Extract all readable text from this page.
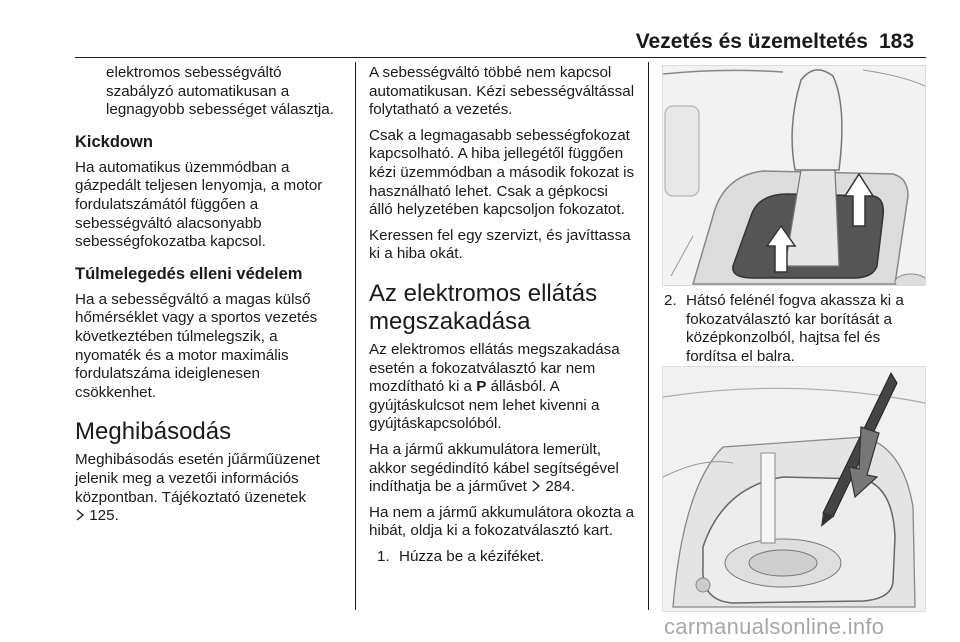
Vezetés és üzemeltetés 183

elektromos sebességváltó szabályzó automatikusan a legnagyobb sebességet választja.

Kickdown

Ha automatikus üzemmódban a gázpedált teljesen lenyomja, a motor fordulatszámától függően a sebességváltó alacsonyabb sebességfokozatba kapcsol.

Túlmelegedés elleni védelem

Ha a sebességváltó a magas külső hőmérséklet vagy a sportos vezetés következtében túlmelegszik, a nyomaték és a motor maximális fordulatszáma ideiglenesen csökkenhet.

Meghibásodás

Meghibásodás esetén jűárműüzenet jelenik meg a vezetői információs központban. Tájékoztató üzenetek
125.

A sebességváltó többé nem kapcsol automatikusan. Kézi sebességváltással folytatható a vezetés.

Csak a legmagasabb sebességfokozat kapcsolható. A hiba jellegétől függően kézi üzemmódban a második fokozat is használható lehet. Csak a gépkocsi álló helyzetében kapcsoljon fokozatot.

Keressen fel egy szervizt, és javíttassa ki a hiba okát.

Az elektromos ellátás megszakadása

Az elektromos ellátás megszakadása esetén a fokozatválasztó kar nem mozdítható ki a P állásból. A gyújtáskulcsot nem lehet kivenni a gyújtáskapcsolóból.

Ha a jármű akkumulátora lemerült, akkor segédindító kábel segítségével indíthatja be a járművet 284.

Ha nem a jármű akkumulátora okozta a hibát, oldja ki a fokozatválasztó kart.

1. Húzza be a kéziféket.
2. Hátsó felénél fogva akassza ki a fokozatválasztó kar borítását a középkonzolból, hajtsa fel és fordítsa el balra.
carmanualsonline.info
